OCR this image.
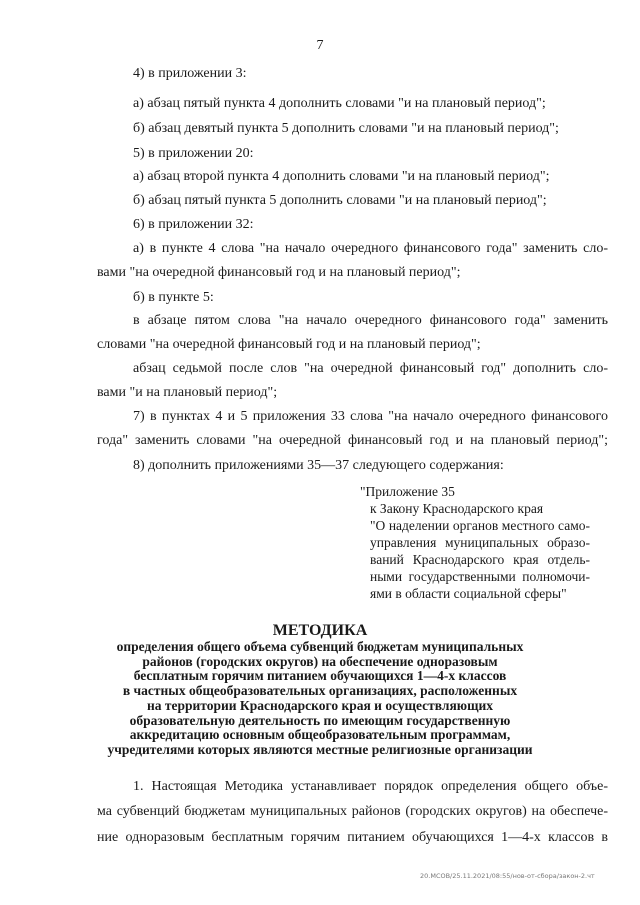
7
4) в приложении 3:
а) абзац пятый пункта 4 дополнить словами "и на плановый период";
б) абзац девятый пункта 5 дополнить словами "и на плановый период";
5) в приложении 20:
а) абзац второй пункта 4 дополнить словами "и на плановый период";
б) абзац пятый пункта 5 дополнить словами "и на плановый период";
6) в приложении 32:
а) в пункте 4 слова "на начало очередного финансового года" заменить сло-
вами "на очередной финансовый год и на плановый период";
б) в пункте 5:
в абзаце пятом слова "на начало очередного финансового года" заменить
словами "на очередной финансовый год и на плановый период";
абзац седьмой после слов "на очередной финансовый год" дополнить сло-
вами "и на плановый период";
7) в пунктах 4 и 5 приложения 33 слова "на начало очередного финансового
года" заменить словами "на очередной финансовый год и на плановый период";
8) дополнить приложениями 35—37 следующего содержания:
"Приложение 35
к Закону Краснодарского края
"О наделении органов местного само-
управления муниципальных образо-
ваний Краснодарского края отдель-
ными государственными полномочи-
ями в области социальной сферы"
МЕТОДИКА
определения общего объема субвенций бюджетам муниципальных
районов (городских округов) на обеспечение одноразовым
бесплатным горячим питанием обучающихся 1—4-х классов
в частных общеобразовательных организациях, расположенных
на территории Краснодарского края и осуществляющих
образовательную деятельность по имеющим государственную
аккредитацию основным общеобразовательным программам,
учредителями которых являются местные религиозные организации
1. Настоящая Методика устанавливает порядок определения общего объе-
ма субвенций бюджетам муниципальных районов (городских округов) на обеспече-
ние одноразовым бесплатным горячим питанием обучающихся 1—4-х классов в
20.МСОВ/25.11.2021/08:55/нов-от-сбора/закон-2.чт
